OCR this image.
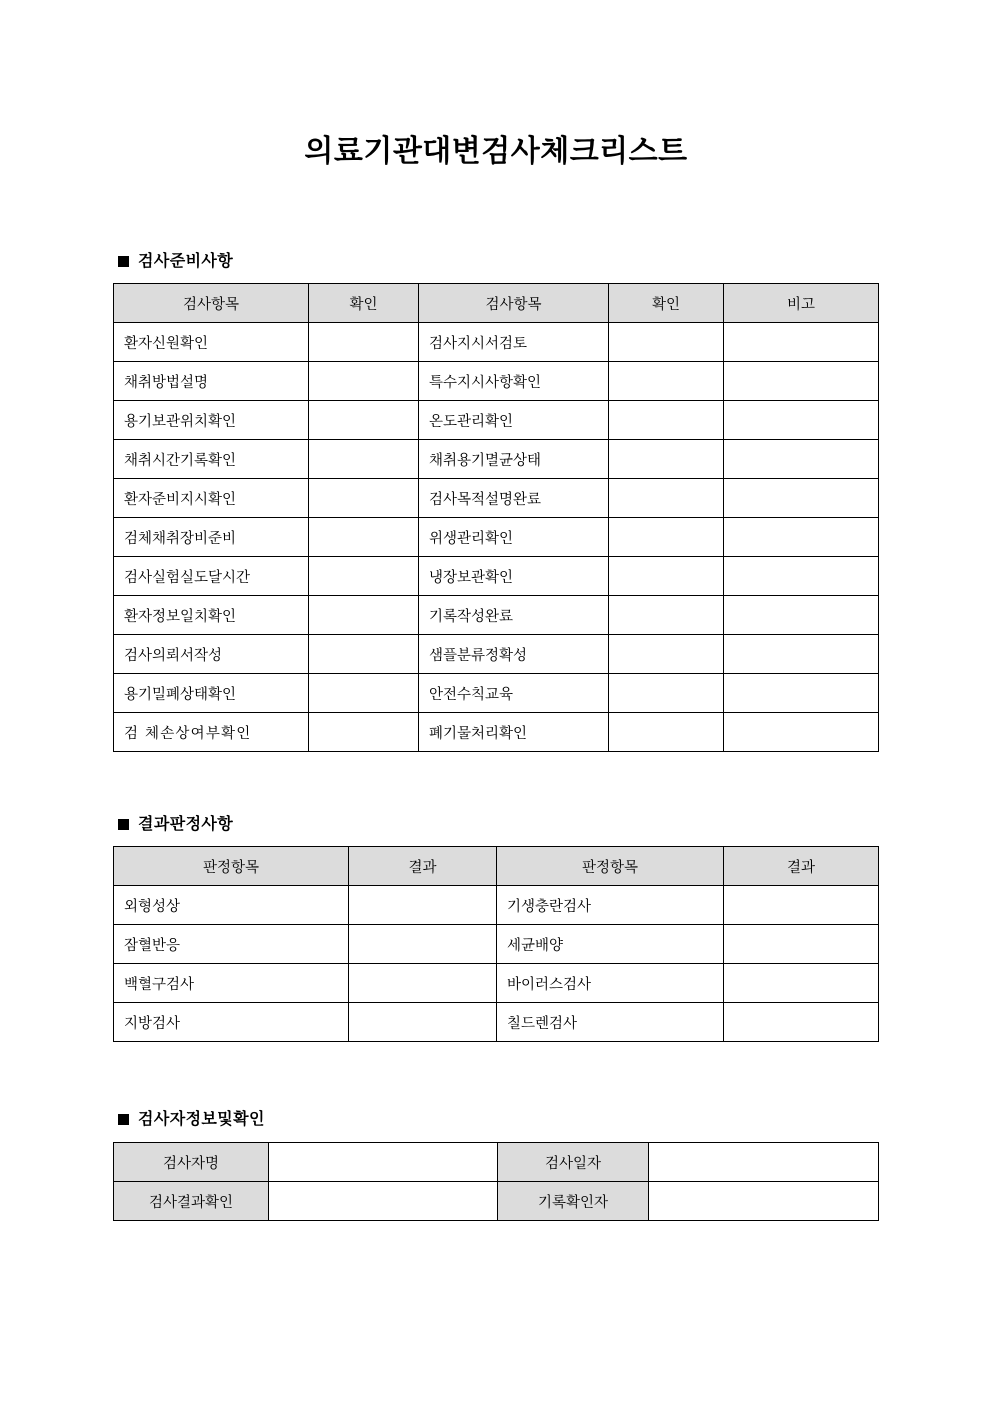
의료기관대변검사체크리스트
검사준비사항
검사항목	확인	검사항목	확인	비고
환자신원확인		검사지시서검토		
채취방법설명		특수지시사항확인		
용기보관위치확인		온도관리확인		
채취시간기록확인		채취용기멸균상태		
환자준비지시확인		검사목적설명완료		
검체채취장비준비		위생관리확인		
검사실험실도달시간		냉장보관확인		
환자정보일치확인		기록작성완료		
검사의뢰서작성		샘플분류정확성		
용기밀폐상태확인		안전수칙교육		
검 체손상여부확인		폐기물처리확인		
결과판정사항
판정항목	결과	판정항목	결과
외형성상		기생충란검사	
잠혈반응		세균배양	
백혈구검사		바이러스검사	
지방검사		칠드렌검사	
검사자정보및확인
검사자명		검사일자	
검사결과확인		기록확인자	
